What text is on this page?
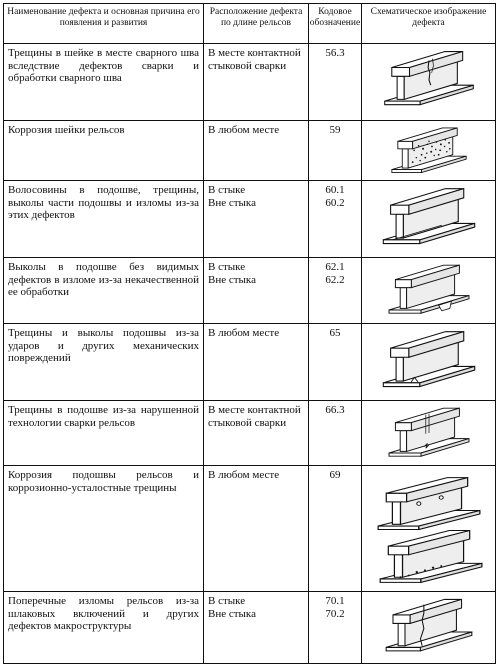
Наименование дефекта и основная причина его появления и развития	Расположение дефекта по длине рельсов	Кодовое обозначение	Схематическое изображение дефекта

Трещины в шейке в месте сварного шва вследствие дефектов сварки и обработки сварного шва	В месте контактной
стыковой сварки	56.3

Коррозия шейки рельсов	В любом месте	59

Волосовины в подошве, трещины, выколы части подошвы и изломы из-за этих дефектов	В стыке
Вне стыка	60.1
60.2

Выколы в подошве без видимых дефектов в изломе из-за некачественной ее обработки	В стыке
Вне стыка	62.1
62.2

Трещины и выколы подошвы из-за ударов и других механических повреждений	В любом месте	65

Трещины в подошве из-за нарушенной технологии сварки рельсов	В месте контактной
стыковой сварки	66.3

Коррозия подошвы рельсов и коррозионно-усталостные трещины	В любом месте	69

Поперечные изломы рельсов из-за шлаковых включений и других дефектов макроструктуры	В стыке
Вне стыка	70.1
70.2
